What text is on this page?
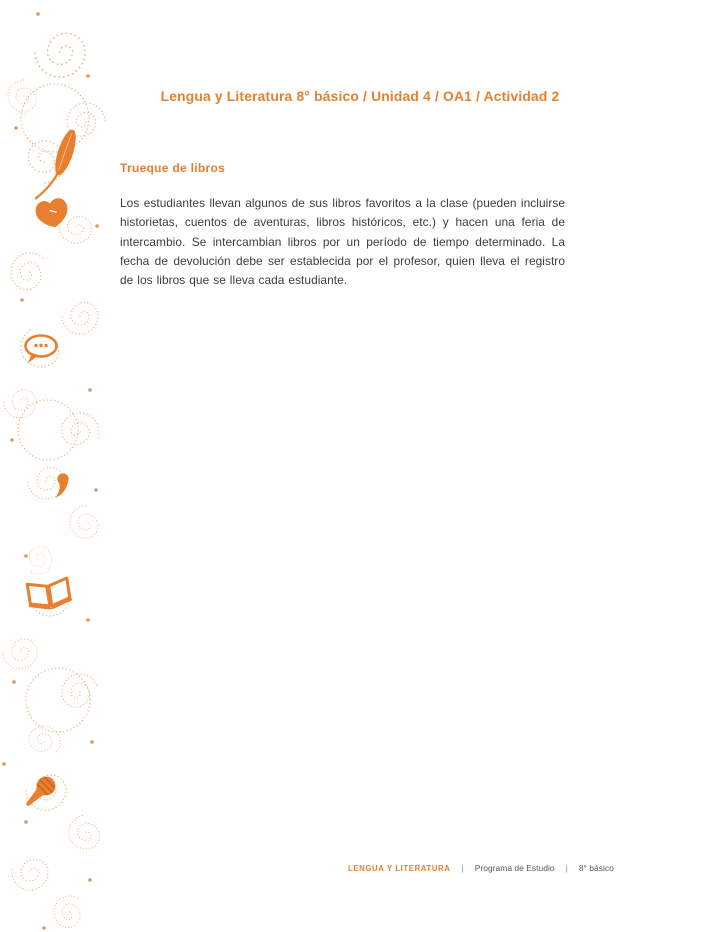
Lengua y Literatura 8° básico / Unidad 4 / OA1 / Actividad 2
Trueque de libros

Los estudiantes llevan algunos de sus libros favoritos a la clase (pueden incluirse historietas, cuentos de aventuras, libros históricos, etc.) y hacen una feria de intercambio. Se intercambian libros por un período de tiempo determinado. La fecha de devolución debe ser establecida por el profesor, quien lleva el registro de los libros que se lleva cada estudiante.

LENGUA Y LITERATURA | Programa de Estudio | 8° básico
